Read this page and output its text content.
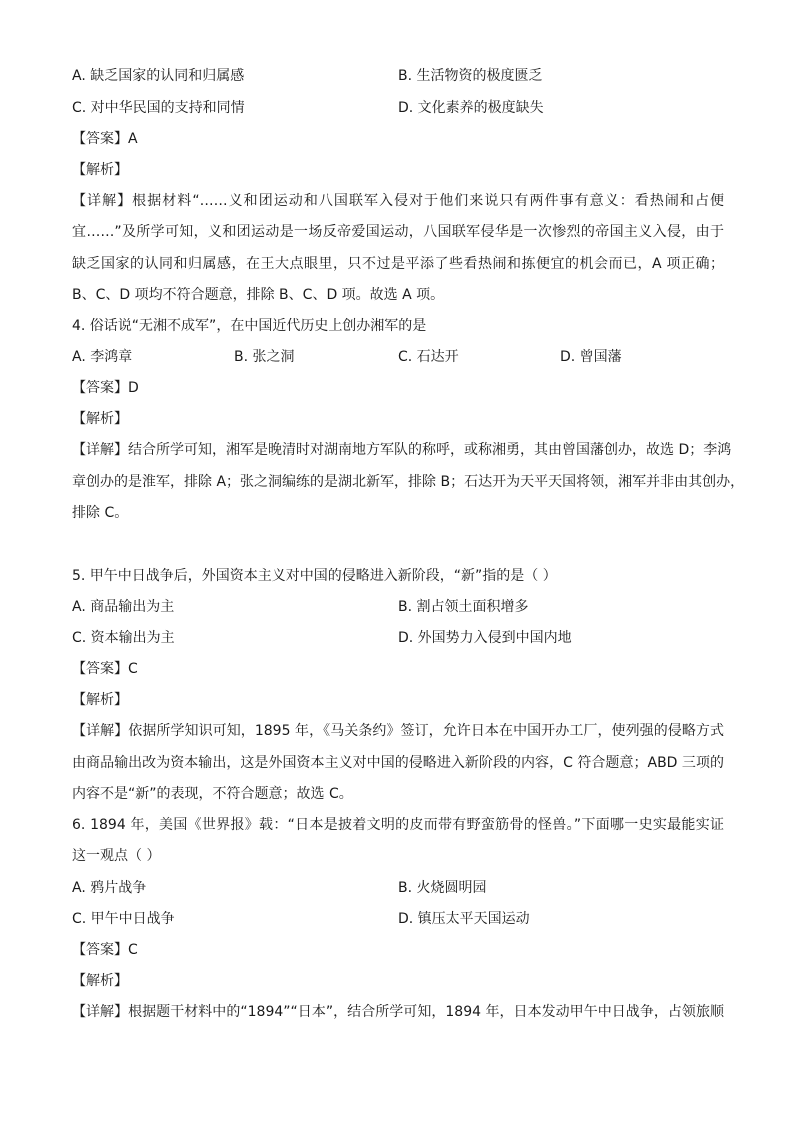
A. 缺乏国家的认同和归属感	B. 生活物资的极度匮乏
C. 对中华民国的支持和同情	D. 文化素养的极度缺失
【答案】A
【解析】
【详解】根据材料“……义和团运动和八国联军入侵对于他们来说只有两件事有意义：看热闹和占便
宜……”及所学可知，义和团运动是一场反帝爱国运动，八国联军侵华是一次惨烈的帝国主义入侵，由于
缺乏国家的认同和归属感，在王大点眼里，只不过是平添了些看热闹和拣便宜的机会而已，A 项正确；
B、C、D 项均不符合题意，排除 B、C、D 项。故选 A 项。
4. 俗话说“无湘不成军”，在中国近代历史上创办湘军的是
A. 李鸿章	B. 张之洞	C. 石达开	D. 曾国藩
【答案】D
【解析】
【详解】结合所学可知，湘军是晚清时对湖南地方军队的称呼，或称湘勇，其由曾国藩创办，故选 D；李鸿
章创办的是淮军，排除 A；张之洞编练的是湖北新军，排除 B；石达开为天平天国将领，湘军并非由其创办，
排除 C。
5. 甲午中日战争后，外国资本主义对中国的侵略进入新阶段，“新”指的是（ ）
A. 商品输出为主	B. 割占领土面积增多
C. 资本输出为主	D. 外国势力入侵到中国内地
【答案】C
【解析】
【详解】依据所学知识可知，1895 年，《马关条约》签订，允许日本在中国开办工厂，使列强的侵略方式
由商品输出改为资本输出，这是外国资本主义对中国的侵略进入新阶段的内容，C 符合题意；ABD 三项的
内容不是“新”的表现，不符合题意；故选 C。
6. 1894 年，美国《世界报》载：“日本是披着文明的皮而带有野蛮筋骨的怪兽。”下面哪一史实最能实证
这一观点（ ）
A. 鸦片战争	B. 火烧圆明园
C. 甲午中日战争	D. 镇压太平天国运动
【答案】C
【解析】
【详解】根据题干材料中的“1894”“日本”，结合所学可知，1894 年，日本发动甲午中日战争，占领旅顺
